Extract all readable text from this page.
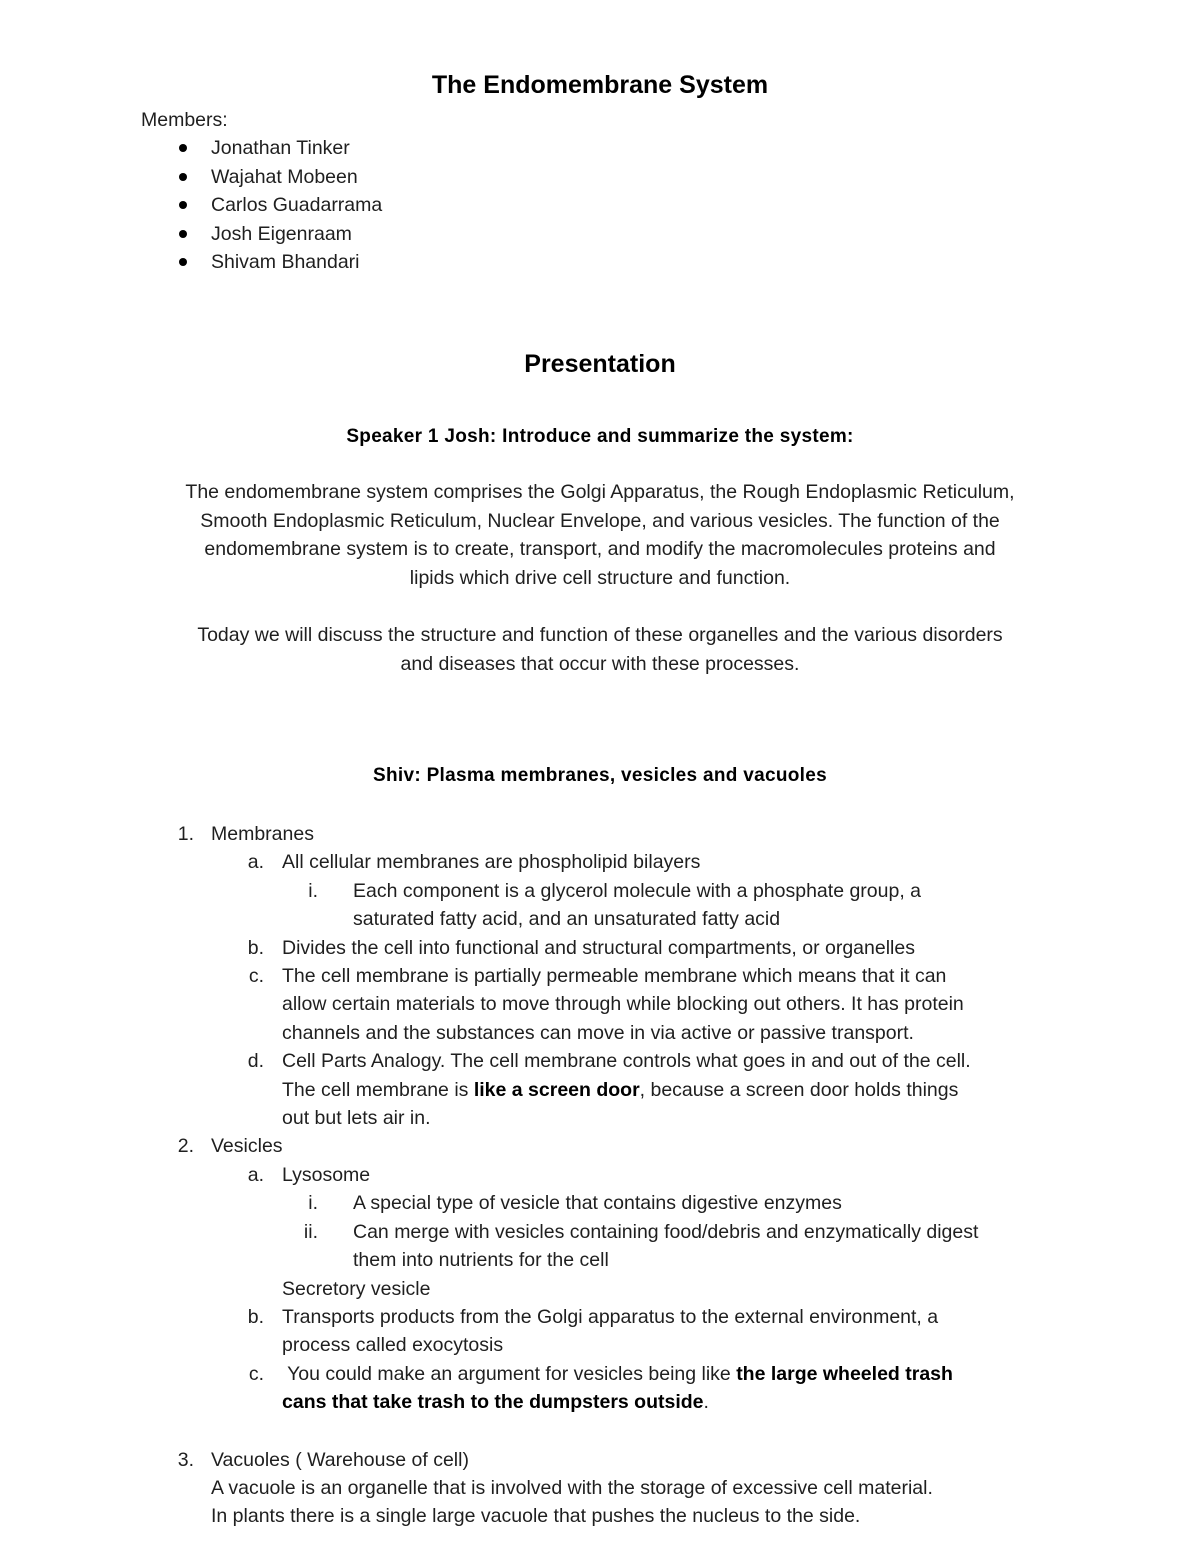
The Endomembrane System
Members:
Jonathan Tinker
Wajahat Mobeen
Carlos Guadarrama
Josh Eigenraam
Shivam Bhandari
Presentation
Speaker 1 Josh: Introduce and summarize the system:
The endomembrane system comprises the Golgi Apparatus, the Rough Endoplasmic Reticulum,
Smooth Endoplasmic Reticulum, Nuclear Envelope, and various vesicles. The function of the
endomembrane system is to create, transport, and modify the macromolecules proteins and
lipids which drive cell structure and function.
Today we will discuss the structure and function of these organelles and the various disorders
and diseases that occur with these processes.
Shiv: Plasma membranes, vesicles and vacuoles
1. Membranes
a. All cellular membranes are phospholipid bilayers
i. Each component is a glycerol molecule with a phosphate group, a
saturated fatty acid, and an unsaturated fatty acid
b. Divides the cell into functional and structural compartments, or organelles
c. The cell membrane is partially permeable membrane which means that it can
allow certain materials to move through while blocking out others. It has protein
channels and the substances can move in via active or passive transport.
d. Cell Parts Analogy. The cell membrane controls what goes in and out of the cell.
The cell membrane is like a screen door, because a screen door holds things
out but lets air in.
2. Vesicles
a. Lysosome
i. A special type of vesicle that contains digestive enzymes
ii. Can merge with vesicles containing food/debris and enzymatically digest
them into nutrients for the cell
Secretory vesicle
b. Transports products from the Golgi apparatus to the external environment, a
process called exocytosis
c. You could make an argument for vesicles being like the large wheeled trash
cans that take trash to the dumpsters outside.
3. Vacuoles ( Warehouse of cell)
A vacuole is an organelle that is involved with the storage of excessive cell material.
In plants there is a single large vacuole that pushes the nucleus to the side.
